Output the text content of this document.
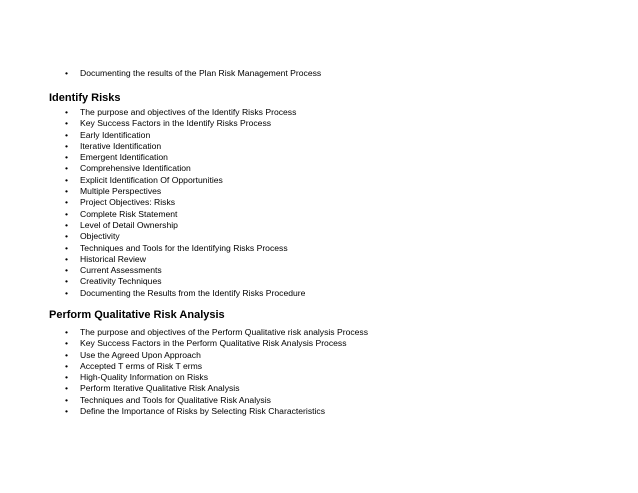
• Documenting the results of the Plan Risk Management Process
Identify Risks
• The purpose and objectives of the Identify Risks Process
• Key Success Factors in the Identify Risks Process
• Early Identification
• Iterative Identification
• Emergent Identification
• Comprehensive Identification
• Explicit Identification Of Opportunities
• Multiple Perspectives
• Project Objectives: Risks
• Complete Risk Statement
• Level of Detail Ownership
• Objectivity
• Techniques and Tools for the Identifying Risks Process
• Historical Review
• Current Assessments
• Creativity Techniques
• Documenting the Results from the Identify Risks Procedure
Perform Qualitative Risk Analysis
• The purpose and objectives of the Perform Qualitative risk analysis Process
• Key Success Factors in the Perform Qualitative Risk Analysis Process
• Use the Agreed Upon Approach
• Accepted T erms of Risk T erms
• High-Quality Information on Risks
• Perform Iterative Qualitative Risk Analysis
• Techniques and Tools for Qualitative Risk Analysis
• Define the Importance of Risks by Selecting Risk Characteristics
